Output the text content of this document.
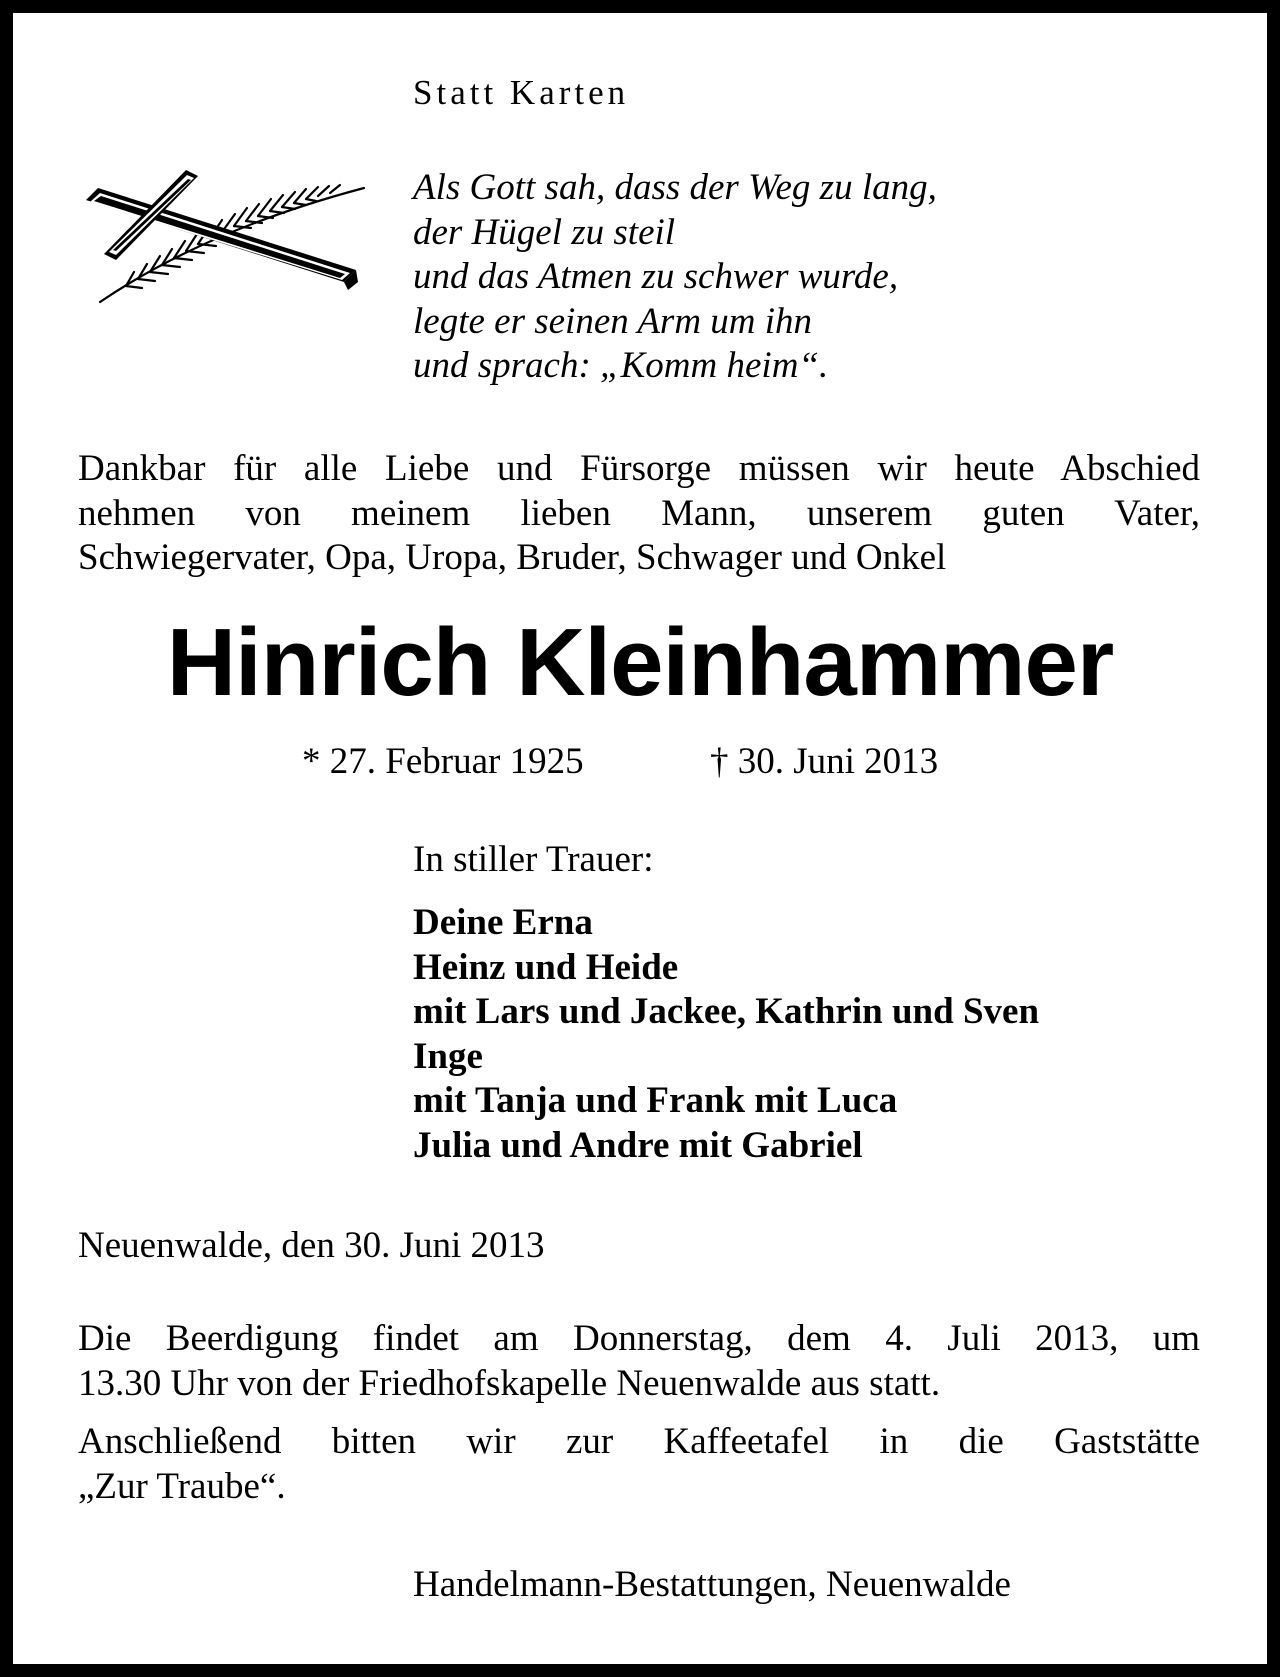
Statt Karten
Als Gott sah, dass der Weg zu lang,
der Hügel zu steil
und das Atmen zu schwer wurde,
legte er seinen Arm um ihn
und sprach: „Komm heim“.
Dankbar für alle Liebe und Fürsorge müssen wir heute Abschied
nehmen von meinem lieben Mann, unserem guten Vater,
Schwiegervater, Opa, Uropa, Bruder, Schwager und Onkel
Hinrich Kleinhammer
* 27. Februar 1925	† 30. Juni 2013
In stiller Trauer:
Deine Erna
Heinz und Heide
mit Lars und Jackee, Kathrin und Sven
Inge
mit Tanja und Frank mit Luca
Julia und Andre mit Gabriel
Neuenwalde, den 30. Juni 2013
Die Beerdigung findet am Donnerstag, dem 4. Juli 2013, um
13.30 Uhr von der Friedhofskapelle Neuenwalde aus statt.
Anschließend bitten wir zur Kaffeetafel in die Gaststätte
„Zur Traube“.
Handelmann-Bestattungen, Neuenwalde
